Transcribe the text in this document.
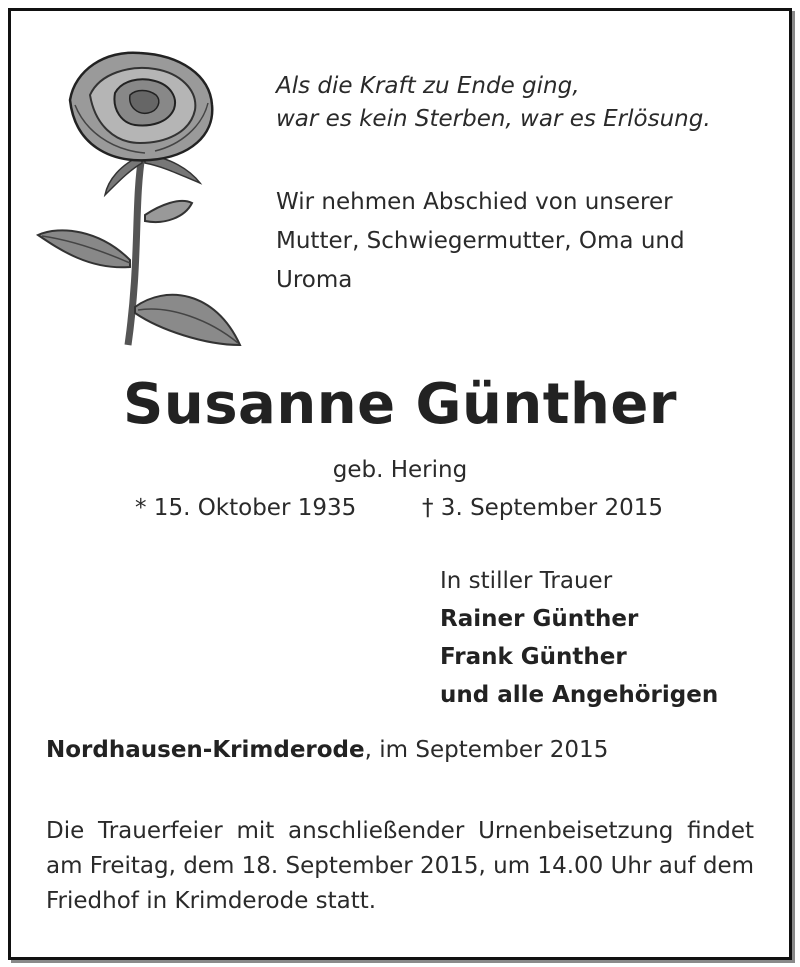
Als die Kraft zu Ende ging,
war es kein Sterben, war es Erlösung.
Wir nehmen Abschied von unserer
Mutter, Schwiegermutter, Oma und
Uroma
Susanne Günther
geb. Hering
* 15. Oktober 1935	† 3. September 2015
In stiller Trauer
Rainer Günther
Frank Günther
und alle Angehörigen
Nordhausen-Krimderode, im September 2015
Die Trauerfeier mit anschließender Urnenbeisetzung findet am Freitag, dem 18. September 2015, um 14.00 Uhr auf dem Friedhof in Krimderode statt.
